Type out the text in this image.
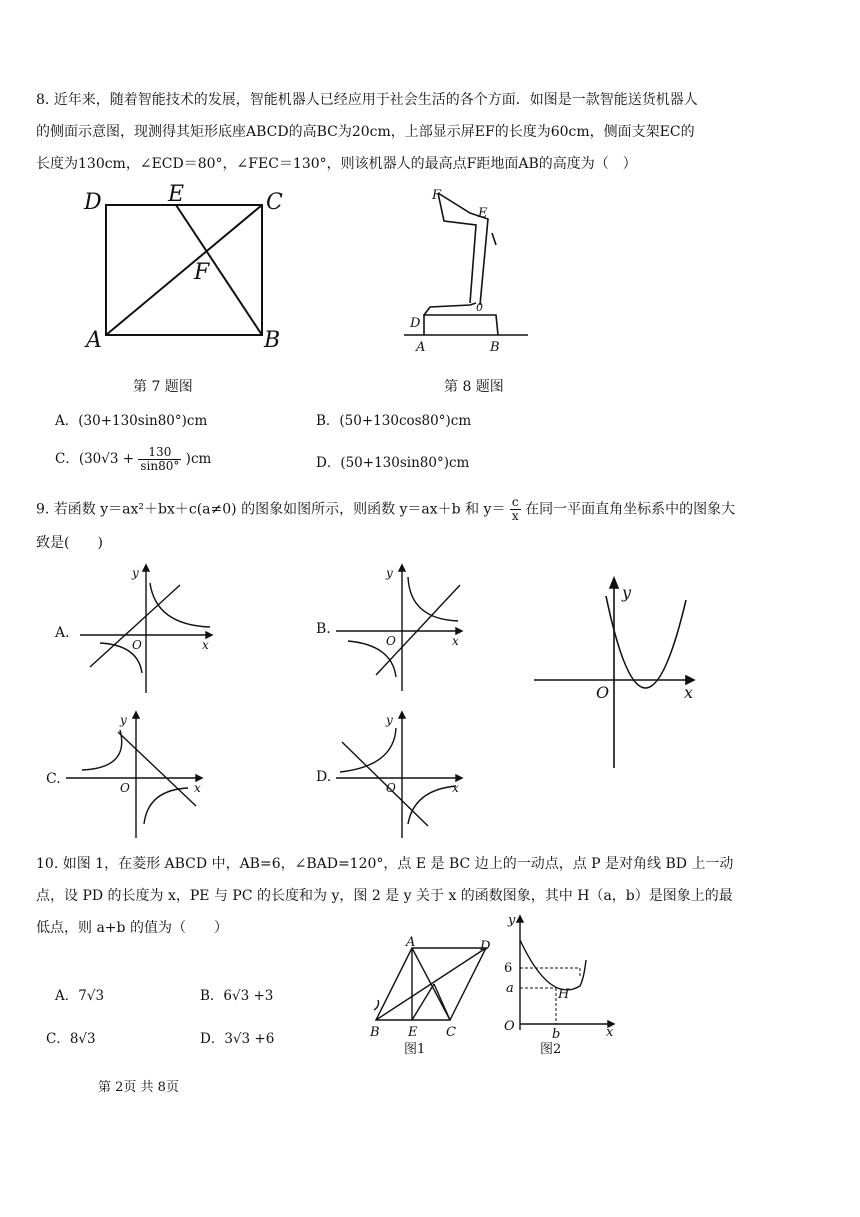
8. 近年来，随着智能技术的发展，智能机器人已经应用于社会生活的各个方面．如图是一款智能送货机器人
的侧面示意图，现测得其矩形底座ABCD的高BC为20cm，上部显示屏EF的长度为60cm，侧面支架EC的
长度为130cm，∠ECD＝80°，∠FEC＝130°，则该机器人的最高点F距地面AB的高度为（　）
D	E	C
F
A	B
第 7 题图
F
E
0
D
A	B
第 8 题图
A．(30+130sin80°)cm	B．(50+130cos80°)cm
C．$(30√3 + \frac{130}{\sin 80^\circ} )cm$	D．(50+130sin80°)cm
9. 若函数 y＝ax²＋bx＋c(a≠0) 的图象如图所示，则函数 y＝ax＋b 和 $y= \frac{c}{x}$ 在同一平面直角坐标系中的图象大
致是(　　)
A.
y
x
O
B.
y
x
O
y
x
O
C.
y
x
O
D.
y
x
O
10. 如图 1，在菱形 ABCD 中，AB=6，∠BAD=120°，点 E 是 BC 边上的一动点，点 P 是对角线 BD 上一动
点，设 PD 的长度为 x，PE 与 PC 的长度和为 y，图 2 是 y 关于 x 的函数图象，其中 H（a，b）是图象上的最
低点，则 a+b 的值为（　　）
A．7√3	B．6√3 +3
C．8√3	D．3√3 +6
A	D
B E C
图1
y
6
a	H
O
b	x
图2
第 2页 共 8页
